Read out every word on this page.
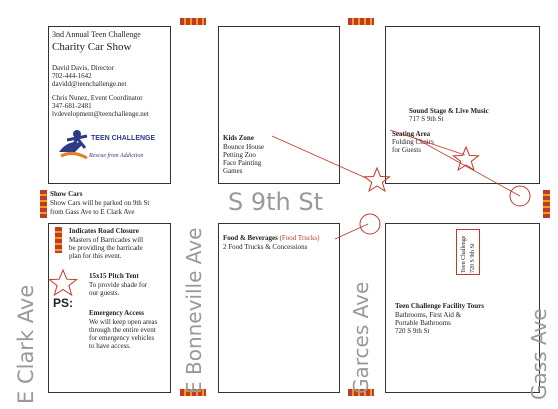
3nd Annual Teen Challenge
Charity Car Show
David Davis, Director
702-444-1642
davidd@teenchallenge.net
Chris Nunez, Event Coordinator
347-681-2481
lvdevelopment@teenchallenge.net
TEEN CHALLENGE
Rescue from Addiction
Kids Zone
Bounce House
Petting Zoo
Face Painting
Games
Sound Stage & Live Music
717 S 9th St
Seating Area
Folding Chairs
for Guests
Show Cars
Show Cars will be parked on 9th St
from Gass Ave to E Clark Ave	S 9th St
Indicates Road Closure
Masters of Barricades will
be providing the barricade
plan for this event.
15x15 Pitch Tent
To provide shade for
our guests.
PS:
Emergency Access
We will keep open areas
through the entire event
for emergency vehicles
to have access.
Food & Beverages (Food Trucks)
2 Food Trucks & Concessions
Teen Challenge Facility Tours
Bathrooms, First Aid &
Portable Bathrooms
720 S 9th St
Teen Challenge 720 S 9th St
E Clark Ave	E Bonneville Ave	Garces Ave	Gass Ave
